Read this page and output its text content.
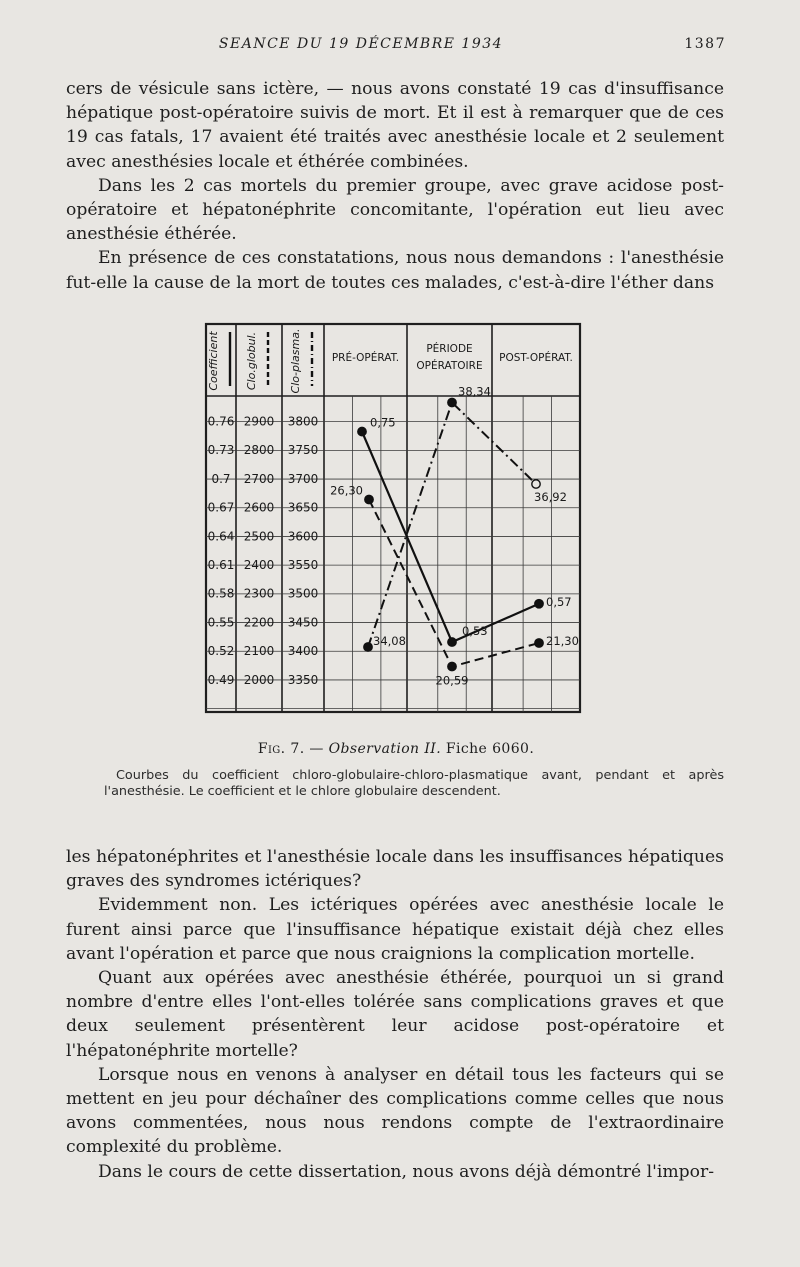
SEANCE DU 19 DÉCEMBRE 1934	1387

cers de vésicule sans ictère, — nous avons constaté 19 cas d'insuffisance hépatique post-opératoire suivis de mort. Et il est à remarquer que de ces 19 cas fatals, 17 avaient été traités avec anesthésie locale et 2 seulement avec anesthésies locale et éthérée combinées.

Dans les 2 cas mortels du premier groupe, avec grave acidose post-opératoire et hépatonéphrite concomitante, l'opération eut lieu avec anesthésie éthérée.

En présence de ces constatations, nous nous demandons : l'anesthésie fut-elle la cause de la mort de toutes ces malades, c'est-à-dire l'éther dans

Coefficient Clo.globul.	Clo-plasma.	PRÉ-OPÉRAT.
PÉRIODE OPÉRATOIRE
POST-OPÉRAT.
0.76 2900 3800
0.73 2800 3750
0.7 2700 3700
0.67 2600 3650
0.64 2500 3600
0.61 2400 3550
0.58 2300 3500
0.55 2200 3450
0.52 2100 3400
0.49 2000 3350
0,75
0,53
0,57
26,30
20,59
21,30
34,08
38,34
36,92
Fig. 7. — Observation II. Fiche 6060.

Courbes du coefficient chloro-globulaire-chloro-plasmatique avant, pendant et après l'anesthésie. Le coefficient et le chlore globulaire descendent.

les hépatonéphrites et l'anesthésie locale dans les insuffisances hépatiques graves des syndromes ictériques?

Evidemment non. Les ictériques opérées avec anesthésie locale le furent ainsi parce que l'insuffisance hépatique existait déjà chez elles avant l'opération et parce que nous craignions la complication mortelle.

Quant aux opérées avec anesthésie éthérée, pourquoi un si grand nombre d'entre elles l'ont-elles tolérée sans complications graves et que deux seulement présentèrent leur acidose post-opératoire et l'hépatonéphrite mortelle?

Lorsque nous en venons à analyser en détail tous les facteurs qui se mettent en jeu pour déchaîner des complications comme celles que nous avons commentées, nous nous rendons compte de l'extraordinaire complexité du problème.

Dans le cours de cette dissertation, nous avons déjà démontré l'impor-
